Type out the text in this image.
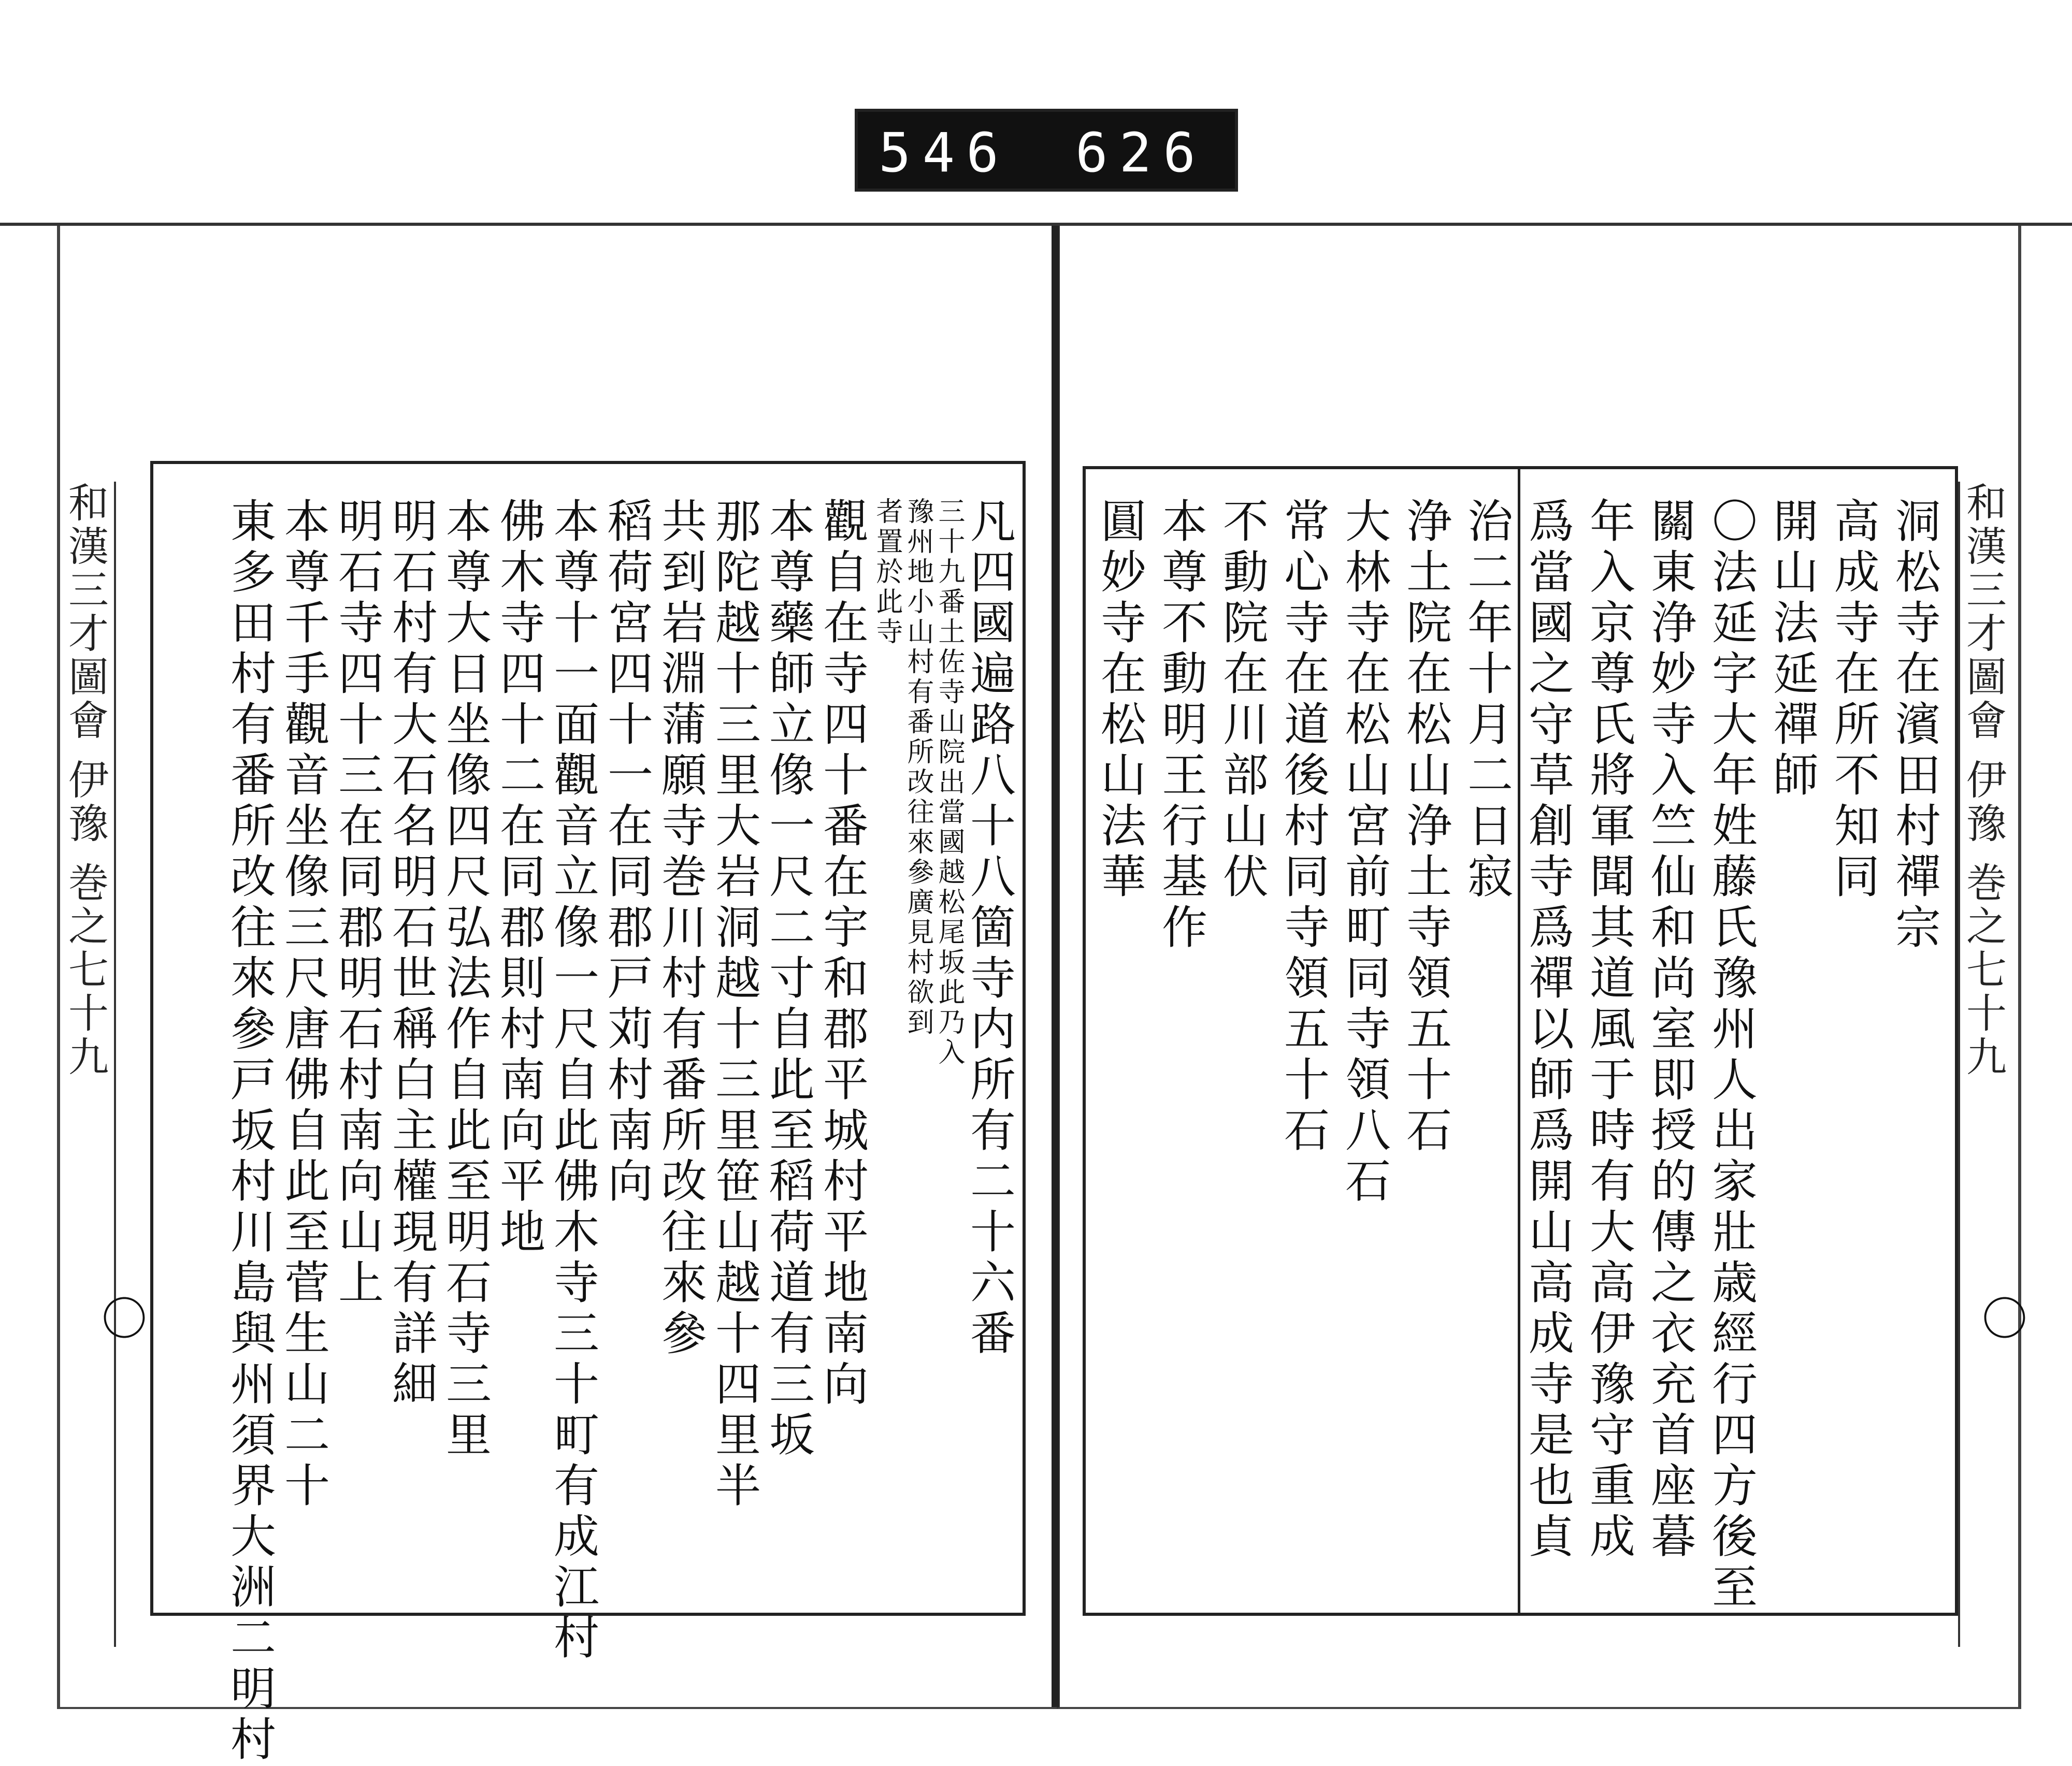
546 626
和漢三才圖會 伊豫 巻之七十九	和漢三才圖會 伊豫 巻之七十九
凡四國遍路八十八箇寺内所有二十六番
三十九番土佐寺山院出當國越松尾坂此乃入
豫州地小山村有番所改往來參廣見村欲到
者置於此寺
觀自在寺四十番在宇和郡平城村平地南向
本尊藥師立像一尺二寸自此至稻荷道有三坂
那陀越十三里大岩洞越十三里笹山越十四里半
共到岩淵蒲願寺巻川村有番所改往來參
稻荷宮四十一在同郡戸苅村南向
本尊十一面觀音立像一尺自此佛木寺三十町有成江村
佛木寺四十二在同郡則村南向平地
本尊大日坐像四尺弘法作自此至明石寺三里
明石村有大石名明石世稱白主權現有詳細
明石寺四十三在同郡明石村南向山上
本尊千手觀音坐像三尺唐佛自此至菅生山二十
東多田村有番所改往來參戸坂村川島與州須界大洲二明村	洞松寺在濱田村禪宗
高成寺在所不知同
開山法延禪師
〇法延字大年姓藤氏豫州人出家壯歳經行四方後至
關東浄妙寺入竺仙和尚室即授的傳之衣充首座暮
年入京尊氏將軍聞其道風于時有大高伊豫守重成
爲當國之守草創寺爲禪以師爲開山高成寺是也貞
治二年十月二日寂
浄土院在松山浄土寺領五十石
大林寺在松山宮前町同寺領八石
常心寺在道後村同寺領五十石
不動院在川部山伏
本尊不動明王行基作
圓妙寺在松山法華
〇
〇
